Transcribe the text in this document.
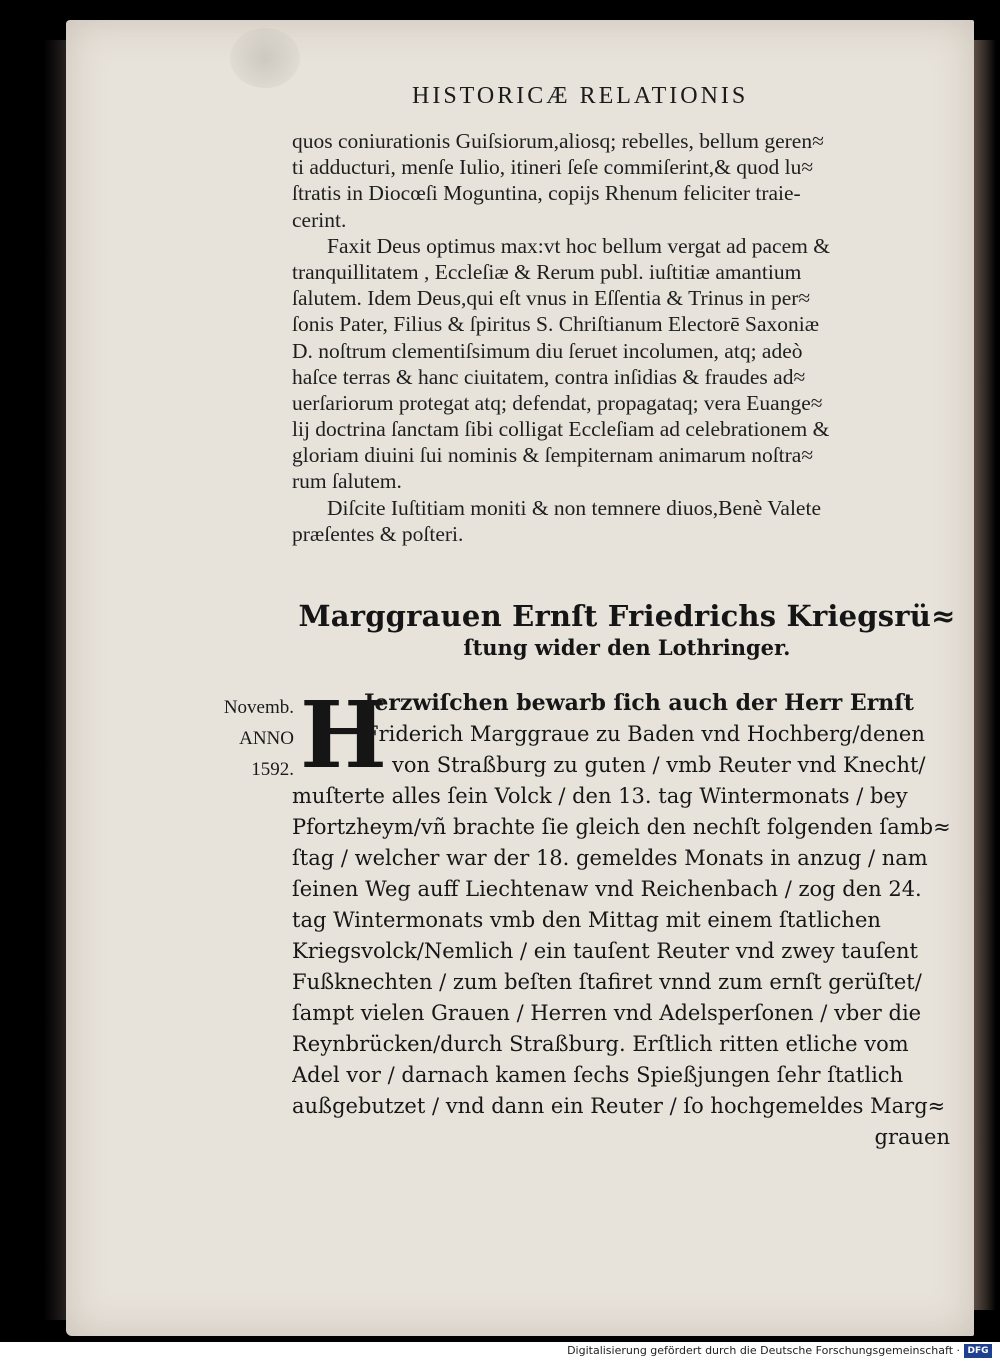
HISTORICÆ RELATIONIS
quos coniurationis Guiſsiorum,aliosq; rebelles, bellum geren≈
ti adducturi, menſe Iulio, itineri ſeſe commiſerint,& quod lu≈
ſtratis in Diocœſi Moguntina, copijs Rhenum feliciter traie-
cerint.
Faxit Deus optimus max:vt hoc bellum vergat ad pacem &
tranquillitatem , Eccleſiæ & Rerum publ. iuſtitiæ amantium
ſalutem. Idem Deus,qui eſt vnus in Eſſentia & Trinus in per≈
ſonis Pater, Filius & ſpiritus S. Chriſtianum Electorē Saxoniæ
D. noſtrum clementiſsimum diu ſeruet incolumen, atq; adeò
haſce terras & hanc ciuitatem, contra inſidias & fraudes ad≈
uerſariorum protegat atq; defendat, propagataq; vera Euange≈
lij doctrina ſanctam ſibi colligat Eccleſiam ad celebrationem &
gloriam diuini ſui nominis & ſempiternam animarum noſtra≈
rum ſalutem.
Diſcite Iuſtitiam moniti & non temnere diuos,Benè Valete
præſentes & poſteri.
Marggrauen Ernſt Friedrichs Kriegsrü≈
ſtung wider den Lothringer.
Novemb.
ANNO
1592. H
Jerzwiſchen bewarb ſich auch der Herr Ernſt
Friderich Marggraue zu Baden vnd Hochberg/denen
von Straßburg zu guten / vmb Reuter vnd Knecht/
muſterte alles ſein Volck / den 13. tag Wintermonats / bey
Pfortzheym/vñ brachte ſie gleich den nechſt folgenden ſamb≈
ſtag / welcher war der 18. gemeldes Monats in anzug / nam
ſeinen Weg auff Liechtenaw vnd Reichenbach / zog den 24.
tag Wintermonats vmb den Mittag mit einem ſtatlichen
Kriegsvolck/Nemlich / ein tauſent Reuter vnd zwey tauſent
Fußknechten / zum beſten ſtafiret vnnd zum ernſt gerüſtet/
ſampt vielen Grauen / Herren vnd Adelsperſonen / vber die
Reynbrücken/durch Straßburg. Erſtlich ritten etliche vom
Adel vor / darnach kamen ſechs Spießjungen ſehr ſtatlich
außgebutzet / vnd dann ein Reuter / ſo hochgemeldes Marg≈
grauen
Digitalisierung gefördert durch die Deutsche Forschungsgemeinschaft · DFG
